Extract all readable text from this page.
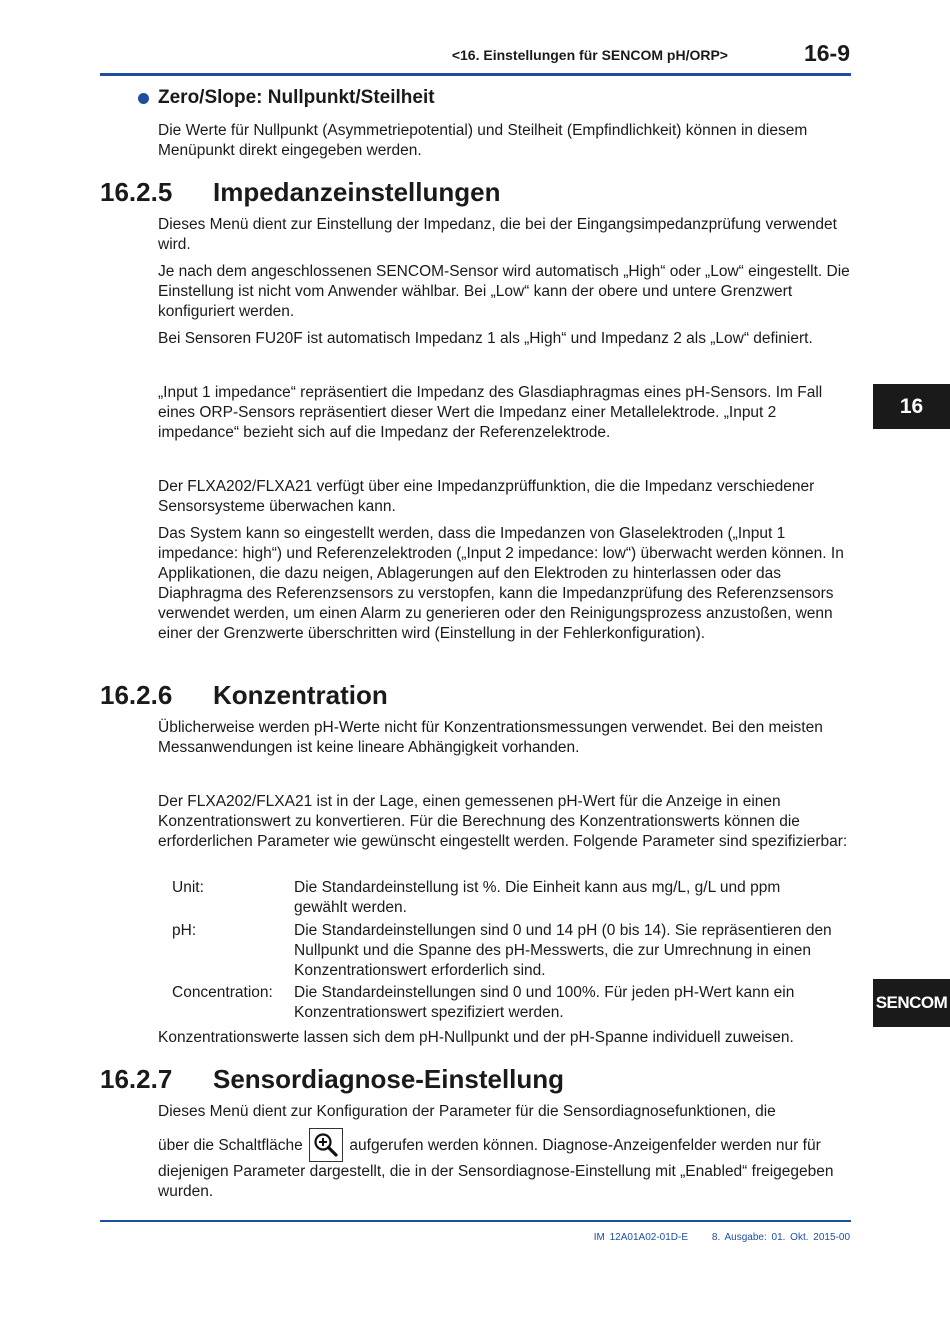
<16. Einstellungen für SENCOM pH/ORP>	16-9
Zero/Slope: Nullpunkt/Steilheit
Die Werte für Nullpunkt (Asymmetriepotential) und Steilheit (Empfindlichkeit) können in diesem Menüpunkt direkt eingegeben werden.
16.2.5 Impedanzeinstellungen
Dieses Menü dient zur Einstellung der Impedanz, die bei der Eingangsimpedanzprüfung verwendet wird.
Je nach dem angeschlossenen SENCOM-Sensor wird automatisch „High“ oder „Low“ eingestellt. Die Einstellung ist nicht vom Anwender wählbar. Bei „Low“ kann der obere und untere Grenzwert konfiguriert werden.
Bei Sensoren FU20F ist automatisch Impedanz 1 als „High“ und Impedanz 2 als „Low“ definiert.
„Input 1 impedance“ repräsentiert die Impedanz des Glasdiaphragmas eines pH-Sensors. Im Fall eines ORP-Sensors repräsentiert dieser Wert die Impedanz einer Metallelektrode. „Input 2 impedance“ bezieht sich auf die Impedanz der Referenzelektrode.
Der FLXA202/FLXA21 verfügt über eine Impedanzprüffunktion, die die Impedanz verschiedener Sensorsysteme überwachen kann.
Das System kann so eingestellt werden, dass die Impedanzen von Glaselektroden („Input 1 impedance: high“) und Referenzelektroden („Input 2 impedance: low“) überwacht werden können. In Applikationen, die dazu neigen, Ablagerungen auf den Elektroden zu hinterlassen oder das Diaphragma des Referenzsensors zu verstopfen, kann die Impedanzprüfung des Referenzsensors verwendet werden, um einen Alarm zu generieren oder den Reinigungsprozess anzustoßen, wenn einer der Grenzwerte überschritten wird (Einstellung in der Fehlerkonfiguration).
16.2.6 Konzentration
Üblicherweise werden pH-Werte nicht für Konzentrationsmessungen verwendet. Bei den meisten Messanwendungen ist keine lineare Abhängigkeit vorhanden.
Der FLXA202/FLXA21 ist in der Lage, einen gemessenen pH-Wert für die Anzeige in einen Konzentrationswert zu konvertieren. Für die Berechnung des Konzentrationswerts können die erforderlichen Parameter wie gewünscht eingestellt werden. Folgende Parameter sind spezifizierbar:
Unit:	Die Standardeinstellung ist %. Die Einheit kann aus mg/L, g/L und ppm gewählt werden.
pH:	Die Standardeinstellungen sind 0 und 14 pH (0 bis 14). Sie repräsentieren den Nullpunkt und die Spanne des pH-Messwerts, die zur Umrechnung in einen Konzentrationswert erforderlich sind.
Concentration: Die Standardeinstellungen sind 0 und 100%. Für jeden pH-Wert kann ein Konzentrationswert spezifiziert werden.
Konzentrationswerte lassen sich dem pH-Nullpunkt und der pH-Spanne individuell zuweisen.
16.2.7 Sensordiagnose-Einstellung
Dieses Menü dient zur Konfiguration der Parameter für die Sensordiagnosefunktionen, die
über die Schaltfläche	aufgerufen werden können. Diagnose-Anzeigenfelder werden nur für diejenigen Parameter dargestellt, die in der Sensordiagnose-Einstellung mit „Enabled“ freigegeben wurden.
16
SENCOM
IM 12A01A02-01D-E 8. Ausgabe: 01. Okt. 2015-00
